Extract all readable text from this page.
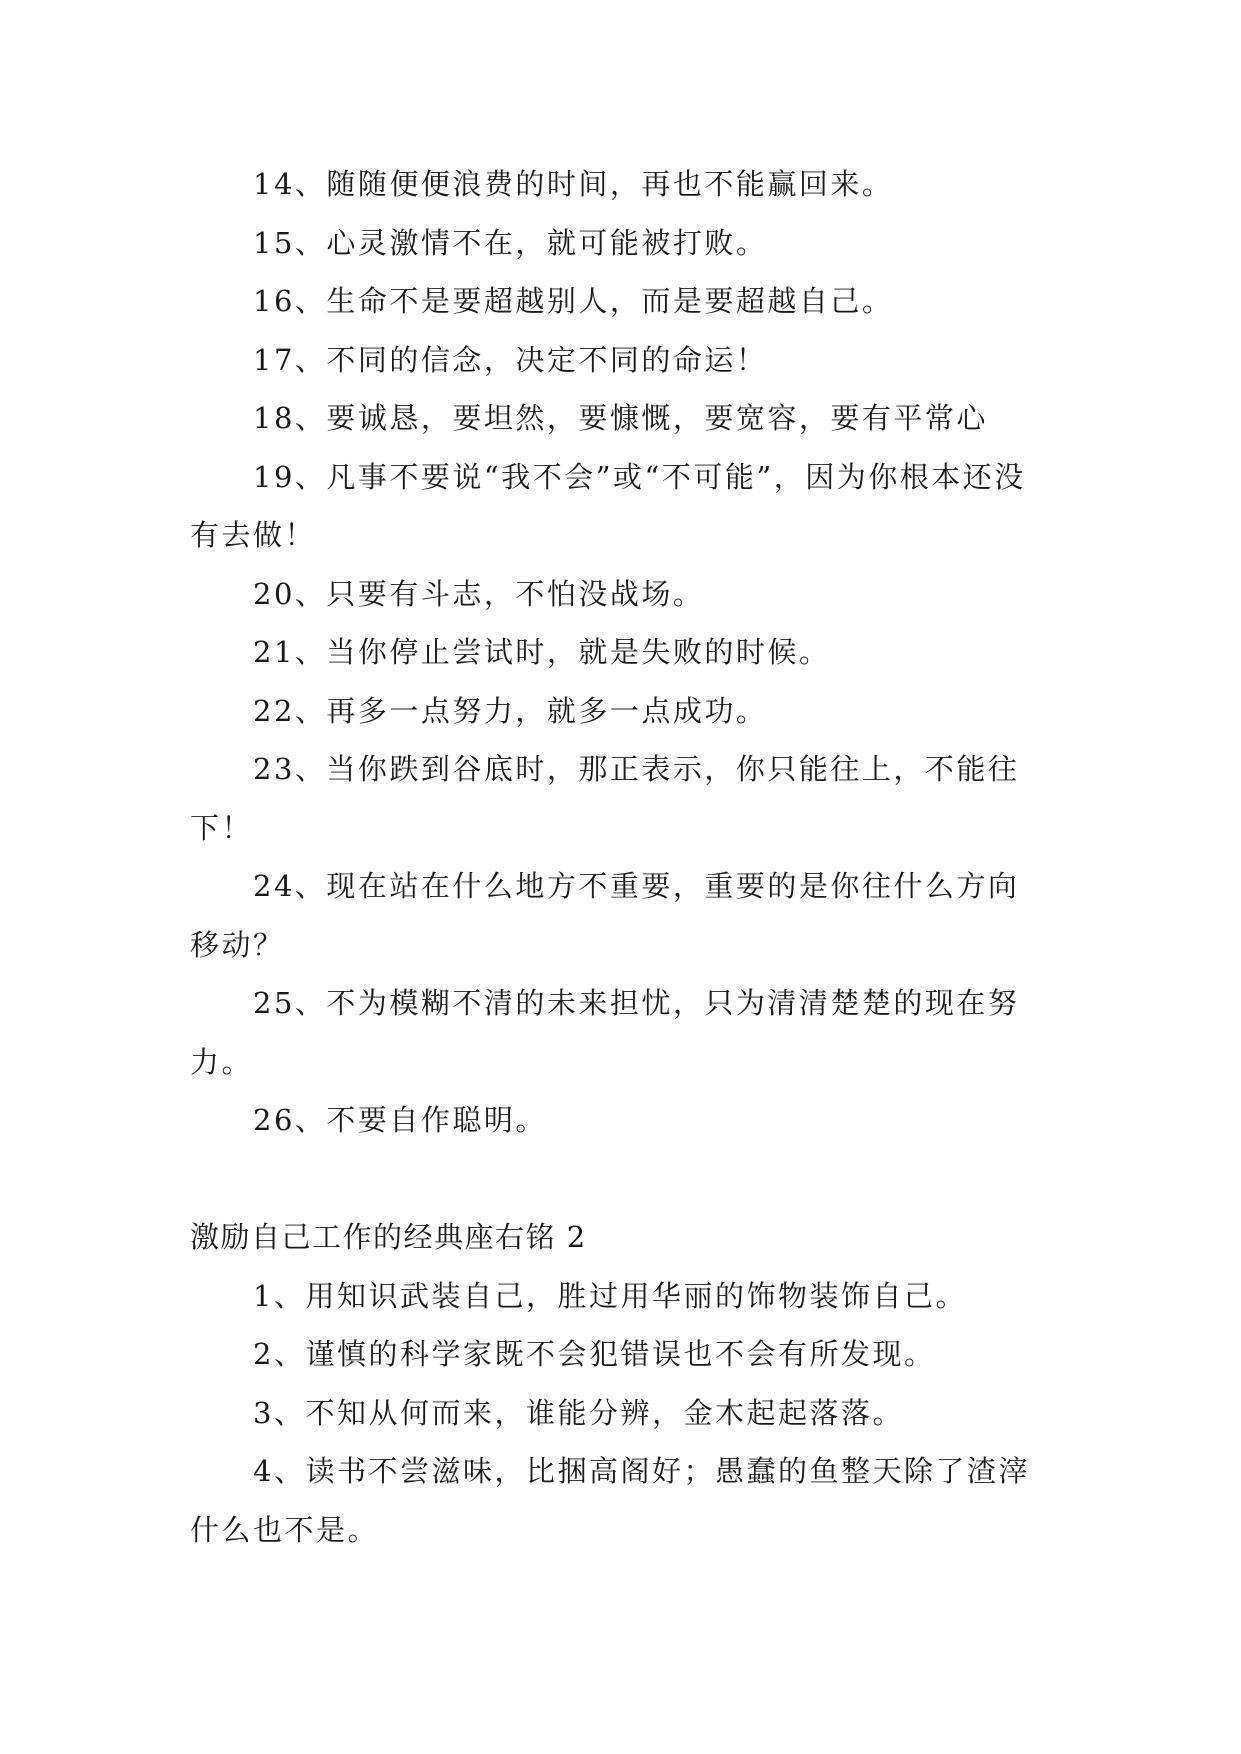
14、随随便便浪费的时间，再也不能赢回来。

15、心灵激情不在，就可能被打败。

16、生命不是要超越别人，而是要超越自己。

17、不同的信念，决定不同的命运！

18、要诚恳，要坦然，要慷慨，要宽容，要有平常心

19、凡事不要说“我不会”或“不可能”，因为你根本还没有去做！

20、只要有斗志，不怕没战场。

21、当你停止尝试时，就是失败的时候。

22、再多一点努力，就多一点成功。

23、当你跌到谷底时，那正表示，你只能往上，不能往下！

24、现在站在什么地方不重要，重要的是你往什么方向移动？

25、不为模糊不清的未来担忧，只为清清楚楚的现在努力。

26、不要自作聪明。

激励自己工作的经典座右铭 2

1、用知识武装自己，胜过用华丽的饰物装饰自己。

2、谨慎的科学家既不会犯错误也不会有所发现。

3、不知从何而来，谁能分辨，金木起起落落。

4、读书不尝滋味，比捆高阁好；愚蠢的鱼整天除了渣滓什么也不是。
